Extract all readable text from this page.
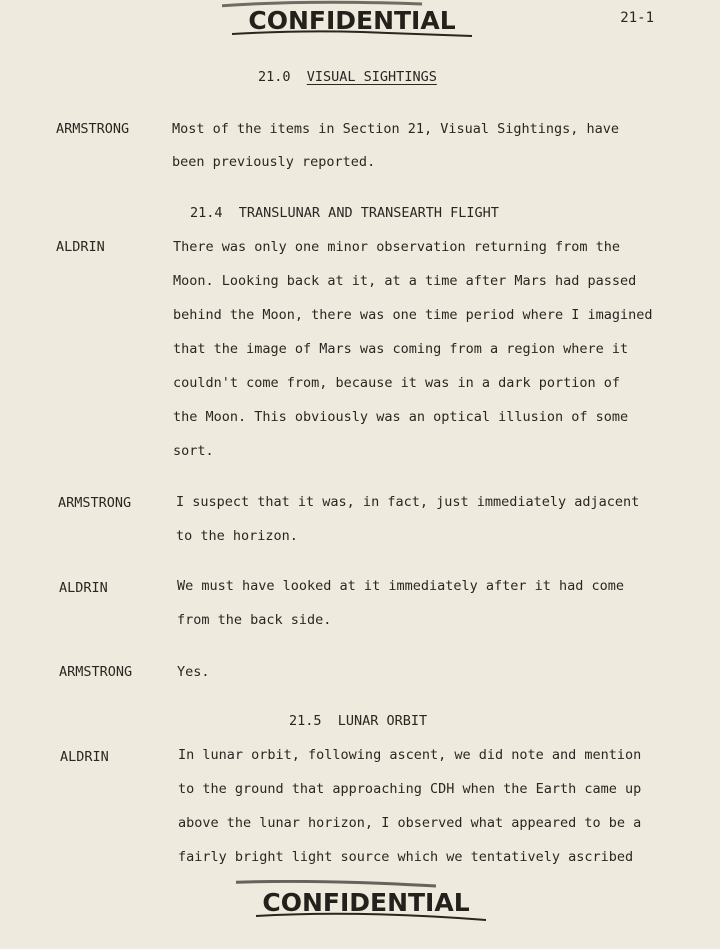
CONFIDENTIAL	21-1
21.0 VISUAL SIGHTINGS
21.4 TRANSLUNAR AND TRANSEARTH FLIGHT
21.5 LUNAR ORBIT
ARMSTRONG	Most of the items in Section 21, Visual Sightings, have
been previously reported.
ALDRIN	There was only one minor observation returning from the
Moon. Looking back at it, at a time after Mars had passed
behind the Moon, there was one time period where I imagined
that the image of Mars was coming from a region where it
couldn't come from, because it was in a dark portion of
the Moon. This obviously was an optical illusion of some
sort.
ARMSTRONG	I suspect that it was, in fact, just immediately adjacent
to the horizon.
ALDRIN	We must have looked at it immediately after it had come
from the back side.
ARMSTRONG	Yes.
ALDRIN	In lunar orbit, following ascent, we did note and mention
to the ground that approaching CDH when the Earth came up
above the lunar horizon, I observed what appeared to be a
fairly bright light source which we tentatively ascribed
CONFIDENTIAL
